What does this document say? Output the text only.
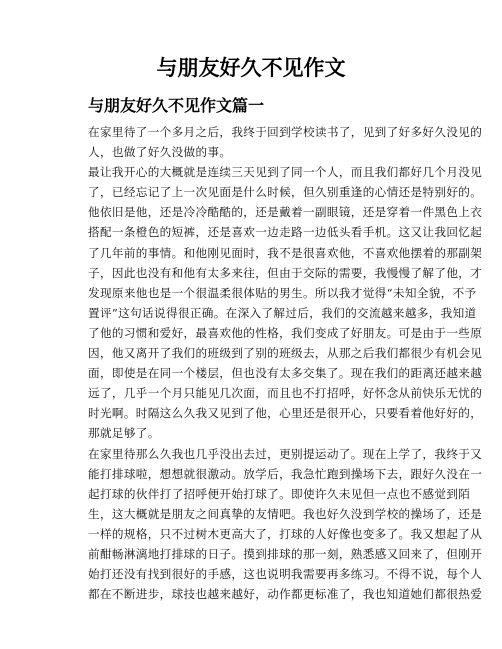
与朋友好久不见作文
与朋友好久不见作文篇一
在家里待了一个多月之后，我终于回到学校读书了，见到了好多好久没见的
人，也做了好久没做的事。
最让我开心的大概就是连续三天见到了同一个人，而且我们都好几个月没见
了，已经忘记了上一次见面是什么时候，但久别重逢的心情还是特别好的。
他依旧是他，还是冷冷酷酷的，还是戴着一副眼镜，还是穿着一件黑色上衣
搭配一条橙色的短裤，还是喜欢一边走路一边低头看手机。这又让我回忆起
了几年前的事情。和他刚见面时，我不是很喜欢他，不喜欢他摆着的那副架
子，因此也没有和他有太多来往，但由于交际的需要，我慢慢了解了他，才
发现原来他也是一个很温柔很体贴的男生。所以我才觉得“未知全貌，不予
置评”这句话说得很正确。在深入了解过后，我们的交流越来越多，我知道
了他的习惯和爱好，最喜欢他的性格，我们变成了好朋友。可是由于一些原
因，他又离开了我们的班级到了别的班级去，从那之后我们都很少有机会见
面，即使是在同一个楼层，但也没有太多交集了。现在我们的距离还越来越
远了，几乎一个月只能见几次面，而且也不打招呼，好怀念从前快乐无忧的
时光啊。时隔这么久我又见到了他，心里还是很开心，只要看着他好好的，
那就足够了。
在家里待那么久我也几乎没出去过，更别提运动了。现在上学了，我终于又
能打排球啦，想想就很激动。放学后，我急忙跑到操场下去，跟好久没在一
起打球的伙伴打了招呼便开始打球了。即使许久未见但一点也不感觉到陌
生，这大概就是朋友之间真挚的友情吧。我也好久没到学校的操场了，还是
一样的规格，只不过树木更高大了，打球的人好像也变多了。我又想起了从
前酣畅淋漓地打排球的日子。摸到排球的那一刻，熟悉感又回来了，但刚开
始打还没有找到很好的手感，这也说明我需要再多练习。不得不说，每个人
都在不断进步，球技也越来越好，动作都更标准了，我也知道她们都很热爱
